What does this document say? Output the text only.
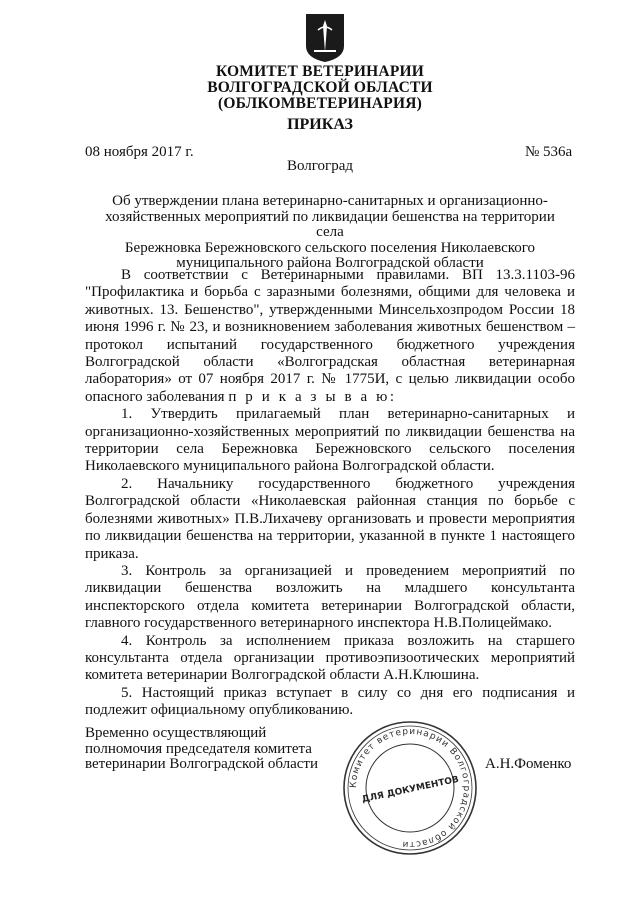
КОМИТЕТ ВЕТЕРИНАРИИ
ВОЛГОГРАДСКОЙ ОБЛАСТИ
(ОБЛКОМВЕТЕРИНАРИЯ)
ПРИКАЗ
08 ноября 2017 г.	№ 536а
Волгоград
Об утверждении плана ветеринарно-санитарных и организационно-
хозяйственных мероприятий по ликвидации бешенства на территории села
Бережновка Бережновского сельского поселения Николаевского
муниципального района Волгоградской области

В соответствии с Ветеринарными правилами. ВП 13.3.1103-96 "Профилактика и борьба с заразными болезнями, общими для человека и животных. 13. Бешенство", утвержденными Минсельхозпродом России 18 июня 1996 г. № 23, и возникновением заболевания животных бешенством – протокол испытаний государственного бюджетного учреждения Волгоградской области «Волгоградская областная ветеринарная лаборатория» от 07 ноября 2017 г. № 1775И, с целью ликвидации особо опасного заболевания п р и к а з ы в а ю:

1. Утвердить прилагаемый план ветеринарно-санитарных и организационно-хозяйственных мероприятий по ликвидации бешенства на территории села Бережновка Бережновского сельского поселения Николаевского муниципального района Волгоградской области.

2. Начальнику государственного бюджетного учреждения Волгоградской области «Николаевская районная станция по борьбе с болезнями животных» П.В.Лихачеву организовать и провести мероприятия по ликвидации бешенства на территории, указанной в пункте 1 настоящего приказа.

3. Контроль за организацией и проведением мероприятий по ликвидации бешенства возложить на младшего консультанта инспекторского отдела комитета ветеринарии Волгоградской области, главного государственного ветеринарного инспектора Н.В.Полицеймако.

4. Контроль за исполнением приказа возложить на старшего консультанта отдела организации противоэпизоотических мероприятий комитета ветеринарии Волгоградской области А.Н.Клюшина.

5. Настоящий приказ вступает в силу со дня его подписания и подлежит официальному опубликованию.

Временно осуществляющий
полномочия председателя комитета
ветеринарии Волгоградской области	А.Н.Фоменко
Комитет ветеринарии Волгоградской области
ДЛЯ ДОКУМЕНТОВ
